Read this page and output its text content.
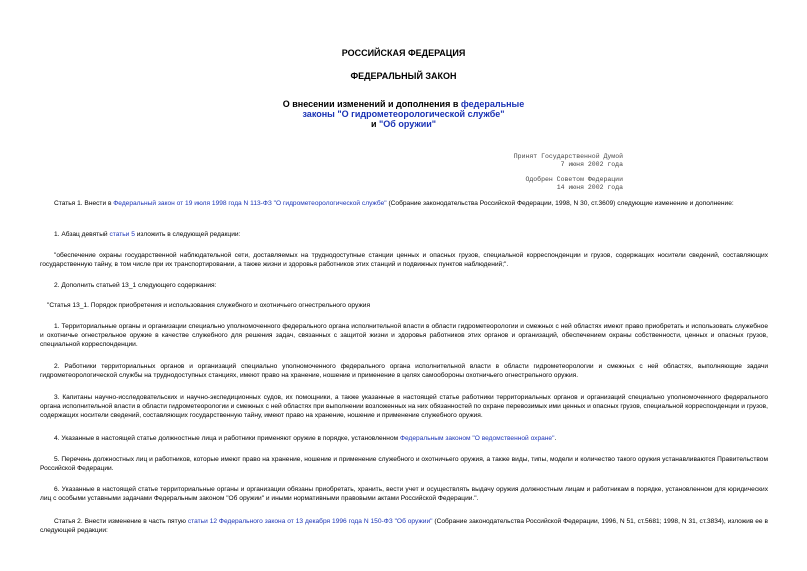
РОССИЙСКАЯ ФЕДЕРАЦИЯ
ФЕДЕРАЛЬНЫЙ ЗАКОН
О внесении изменений и дополнения в федеральные
законы "О гидрометеорологической службе"
и "Об оружии"
Принят Государственной Думой
7 июня 2002 года
Одобрен Советом Федерации
14 июня 2002 года

Статья 1. Внести в Федеральный закон от 19 июля 1998 года N 113-ФЗ "О гидрометеорологической службе" (Собрание законодательства Российской Федерации, 1998, N 30, ст.3609) следующие изменение и дополнение:

1. Абзац девятый статьи 5 изложить в следующей редакции:

"обеспечение охраны государственной наблюдательной сети, доставляемых на труднодоступные станции ценных и опасных грузов, специальной корреспонденции и грузов, содержащих носители сведений, составляющих государственную тайну, в том числе при их транспортировании, а также жизни и здоровья работников этих станций и подвижных пунктов наблюдений;".

2. Дополнить статьей 13_1 следующего содержания:

"Статья 13_1. Порядок приобретения и использования служебного и охотничьего огнестрельного оружия

1. Территориальные органы и организации специально уполномоченного федерального органа исполнительной власти в области гидрометеорологии и смежных с ней областях имеют право приобретать и использовать служебное и охотничье огнестрельное оружие в качестве служебного для решения задач, связанных с защитой жизни и здоровья работников этих органов и организаций, обеспечением охраны собственности, ценных и опасных грузов, специальной корреспонденции.

2. Работники территориальных органов и организаций специально уполномоченного федерального органа исполнительной власти в области гидрометеорологии и смежных с ней областях, выполняющие задачи гидрометеорологической службы на труднодоступных станциях, имеют право на хранение, ношение и применение в целях самообороны охотничьего огнестрельного оружия.

3. Капитаны научно-исследовательских и научно-экспедиционных судов, их помощники, а также указанные в настоящей статье работники территориальных органов и организаций специально уполномоченного федерального органа исполнительной власти в области гидрометеорологии и смежных с ней областях при выполнении возложенных на них обязанностей по охране перевозимых ими ценных и опасных грузов, специальной корреспонденции и грузов, содержащих носители сведений, составляющих государственную тайну, имеют право на хранение, ношение и применение служебного оружия.

4. Указанные в настоящей статье должностные лица и работники применяют оружие в порядке, установленном Федеральным законом "О ведомственной охране".

5. Перечень должностных лиц и работников, которые имеют право на хранение, ношение и применение служебного и охотничьего оружия, а также виды, типы, модели и количество такого оружия устанавливаются Правительством Российской Федерации.

6. Указанные в настоящей статье территориальные органы и организации обязаны приобретать, хранить, вести учет и осуществлять выдачу оружия должностным лицам и работникам в порядке, установленном для юридических лиц с особыми уставными задачами Федеральным законом "Об оружии" и иными нормативными правовыми актами Российской Федерации.".

Статья 2. Внести изменение в часть пятую статьи 12 Федерального закона от 13 декабря 1996 года N 150-ФЗ "Об оружии" (Собрание законодательства Российской Федерации, 1996, N 51, ст.5681; 1998, N 31, ст.3834), изложив ее в следующей редакции:
